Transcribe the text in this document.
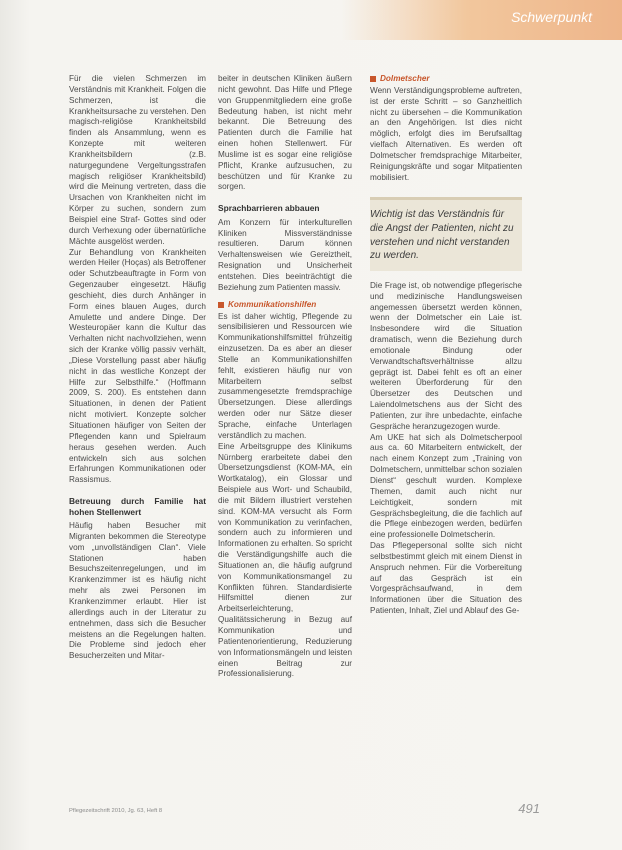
Schwerpunkt

Für die vielen Schmerzen im Verständnis mit Krankheit. Folgen die Schmerzen, ist die Krankheitsursache zu verstehen. Den magisch-religiöse Krankheitsbild finden als Ansammlung, wenn es Konzepte mit weiteren Krankheitsbildern (z.B. naturgegundene Vergeltungsstrafen magisch religiöser Krankheitsbild) wird die Meinung vertreten, dass die Ursachen von Krankheiten nicht im Körper zu suchen, sondern zum Beispiel eine Straf- Gottes sind oder durch Verhexung oder übernatürliche Mächte ausgelöst werden.

Zur Behandlung von Krankheiten werden Heiler (Hoças) als Betroffener oder Schutzbeauftragte in Form von Gegenzauber eingesetzt. Häufig geschieht, dies durch Anhänger in Form eines blauen Auges, durch Amulette und andere Dinge. Der Westeuropäer kann die Kultur das Verhalten nicht nachvollziehen, wenn sich der Kranke völlig passiv verhält, „Diese Vorstellung passt aber häufig nicht in das westliche Konzept der Hilfe zur Selbsthilfe.“ (Hoffmann 2009, S. 200). Es entstehen dann Situationen, in denen der Patient nicht motiviert. Konzepte solcher Situationen häufiger von Seiten der Pflegenden kann und Spielraum heraus gesehen werden. Auch entwickeln sich aus solchen Erfahrungen Kommunikationen oder Rassismus.

Betreuung durch Familie hat hohen Stellenwert

Häufig haben Besucher mit Migranten bekommen die Stereotype vom „unvollständigen Clan“. Viele Stationen haben Besuchszeitenregelungen, und im Krankenzimmer ist es häufig nicht mehr als zwei Personen im Krankenzimmer erlaubt. Hier ist allerdings auch in der Literatur zu entnehmen, dass sich die Besucher meistens an die Regelungen halten. Die Probleme sind jedoch eher Besucherzeiten und Mitar-

beiter in deutschen Kliniken äußern nicht gewohnt. Das Hilfe und Pflege von Gruppenmitgliedern eine große Bedeutung haben, ist nicht mehr bekannt. Die Betreuung des Patienten durch die Familie hat einen hohen Stellenwert. Für Muslime ist es sogar eine religiöse Pflicht, Kranke aufzusuchen, zu beschützen und für Kranke zu sorgen.

Sprachbarrieren abbauen

Am Konzern für interkulturellen Kliniken Missverständnisse resultieren. Darum können Verhaltensweisen wie Gereiztheit, Resignation und Unsicherheit entstehen. Dies beeinträchtigt die Beziehung zum Patienten massiv.

Kommunikationshilfen

Es ist daher wichtig, Pflegende zu sensibilisieren und Ressourcen wie Kommunikationshilfsmittel frühzeitig einzusetzen. Da es aber an dieser Stelle an Kommunikationshilfen fehlt, existieren häufig nur von Mitarbeitern selbst zusammengesetzte fremdsprachige Übersetzungen. Diese allerdings werden oder nur Sätze dieser Sprache, einfache Unterlagen verständlich zu machen.

Eine Arbeitsgruppe des Klinikums Nürnberg erarbeitete dabei den Übersetzungsdienst (KOM-MA, ein Wortkatalog), ein Glossar und Beispiele aus Wort- und Schaubild, die mit Bildern illustriert verstehen sind. KOM-MA versucht als Form von Kommunikation zu verinfachen, sondern auch zu informieren und Informationen zu erhalten. So spricht die Verständigungshilfe auch die Situationen an, die häufig aufgrund von Kommunikationsmangel zu Konflikten führen. Standardisierte Hilfsmittel dienen zur Arbeitserleichterung, Qualitätssicherung in Bezug auf Kommunikation und Patientenorientierung, Reduzierung von Informationsmängeln und leisten einen Beitrag zur Professionalisierung.

Dolmetscher

Wenn Verständigungsprobleme auftreten, ist der erste Schritt – so Ganzheitlich nicht zu übersehen – die Kommunikation an den Angehörigen. Ist dies nicht möglich, erfolgt dies im Berufsalltag vielfach Alternativen. Es werden oft Dolmetscher fremdsprachige Mitarbeiter, Reinigungskräfte und sogar Mitpatienten mobilisiert.

Wichtig ist das Verständnis für die Angst der Patienten, nicht zu verstehen und nicht verstanden zu werden.

Die Frage ist, ob notwendige pflegerische und medizinische Handlungsweisen angemessen übersetzt werden können, wenn der Dolmetscher ein Laie ist. Insbesondere wird die Situation dramatisch, wenn die Beziehung durch emotionale Bindung oder Verwandtschaftsverhältnisse allzu geprägt ist. Dabei fehlt es oft an einer weiteren Überforderung für den Übersetzer des Deutschen und Laiendolmetschens aus der Sicht des Patienten, zur ihre unbedachte, einfache Gespräche heranzugezogen wurde.

Am UKE hat sich als Dolmetscherpool aus ca. 60 Mitarbeitern entwickelt, der nach einem Konzept zum „Training von Dolmetschern, unmittelbar schon sozialen Dienst“ geschult wurden. Komplexe Themen, damit auch nicht nur Leichtigkeit, sondern mit Gesprächsbegleitung, die die fachlich auf die Pflege einbezogen werden, bedürfen eine professionelle Dolmetscherin.

Das Pflegepersonal sollte sich nicht selbstbestimmt gleich mit einem Dienst in Anspruch nehmen. Für die Vorbereitung auf das Gespräch ist ein Vorgesprächsaufwand, in dem Informationen über die Situation des Patienten, Inhalt, Ziel und Ablauf des Ge-

Pflegezeitschrift 2010, Jg. 63, Heft 8	491
